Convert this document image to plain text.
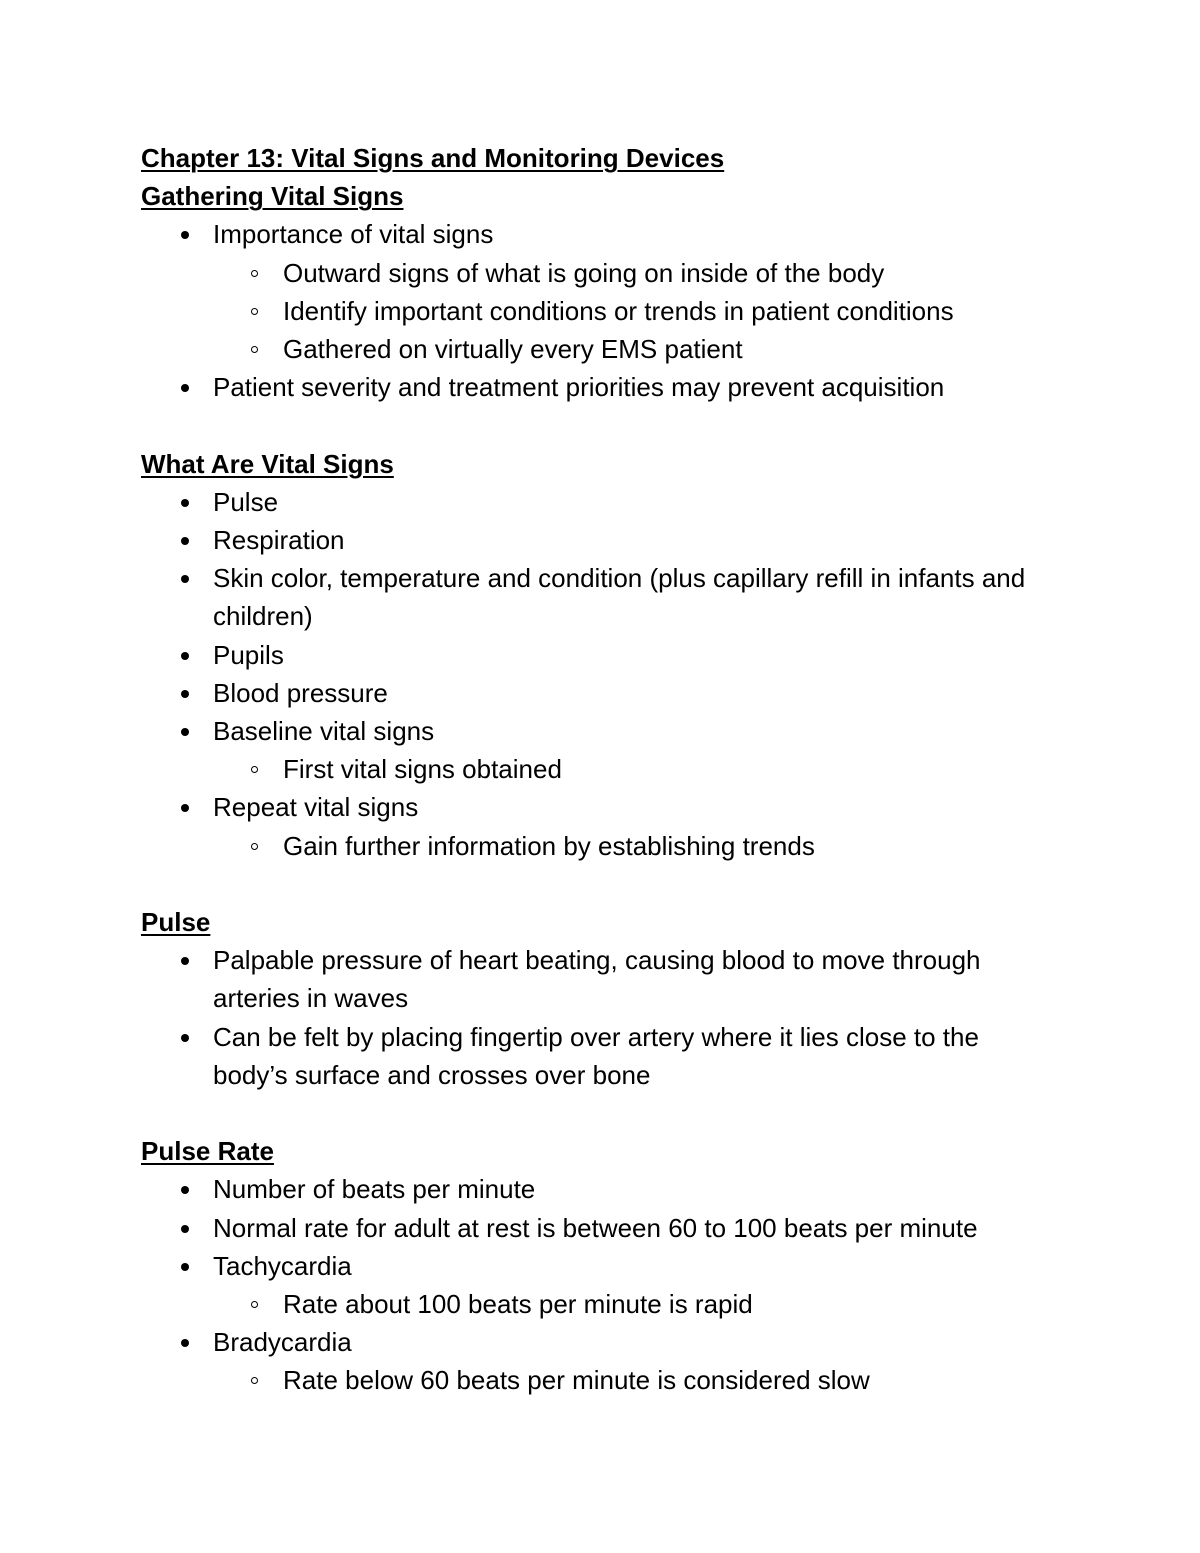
Chapter 13: Vital Signs and Monitoring Devices
Gathering Vital Signs
Importance of vital signs
Outward signs of what is going on inside of the body
Identify important conditions or trends in patient conditions
Gathered on virtually every EMS patient
Patient severity and treatment priorities may prevent acquisition
What Are Vital Signs
Pulse
Respiration
Skin color, temperature and condition (plus capillary refill in infants and children)
Pupils
Blood pressure
Baseline vital signs
First vital signs obtained
Repeat vital signs
Gain further information by establishing trends
Pulse
Palpable pressure of heart beating, causing blood to move through arteries in waves
Can be felt by placing fingertip over artery where it lies close to the body’s surface and crosses over bone
Pulse Rate
Number of beats per minute
Normal rate for adult at rest is between 60 to 100 beats per minute
Tachycardia
Rate about 100 beats per minute is rapid
Bradycardia
Rate below 60 beats per minute is considered slow
